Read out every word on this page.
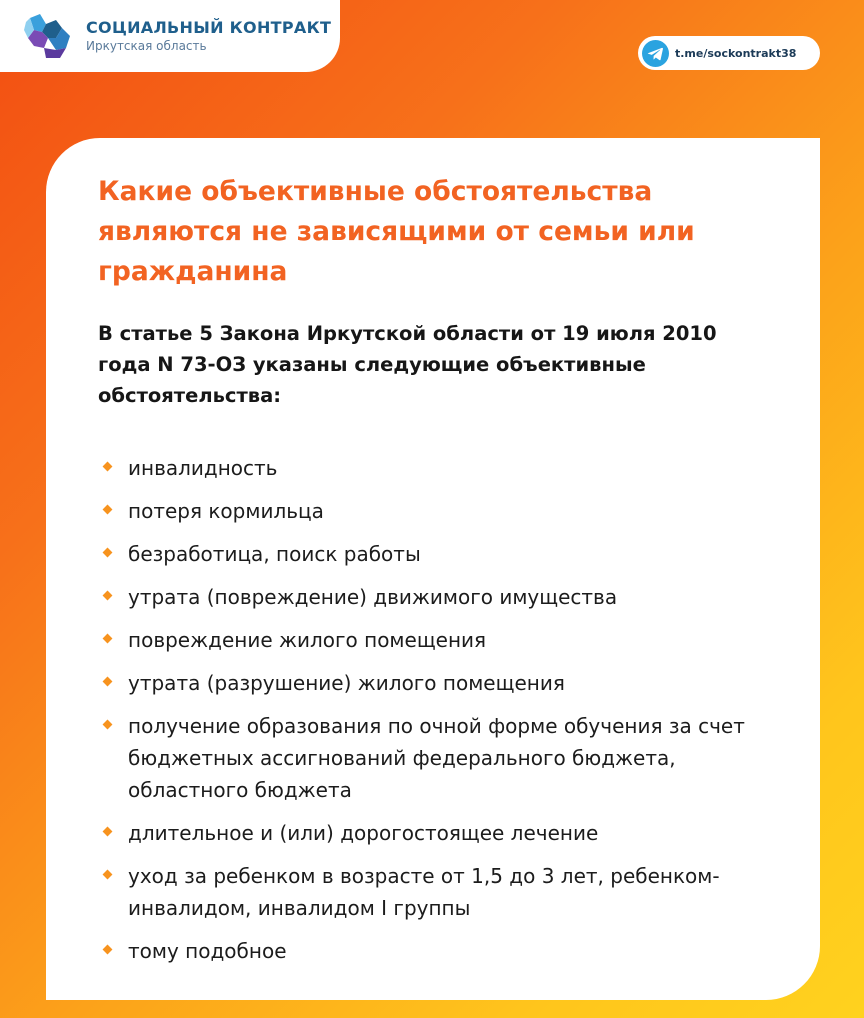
СОЦИАЛЬНЫЙ КОНТРАКТ
Иркутская область	t.me/sockontrakt38
Какие объективные обстоятельства являются не зависящими от семьи или гражданина

В статье 5 Закона Иркутской области от 19 июля 2010 года N 73-ОЗ указаны следующие объективные обстоятельства:

инвалидность
потеря кормильца
безработица, поиск работы
утрата (повреждение) движимого имущества
повреждение жилого помещения
утрата (разрушение) жилого помещения
получение образования по очной форме обучения за счет бюджетных ассигнований федерального бюджета, областного бюджета
длительное и (или) дорогостоящее лечение
уход за ребенком в возрасте от 1,5 до 3 лет, ребенком-инвалидом, инвалидом I группы
тому подобное
